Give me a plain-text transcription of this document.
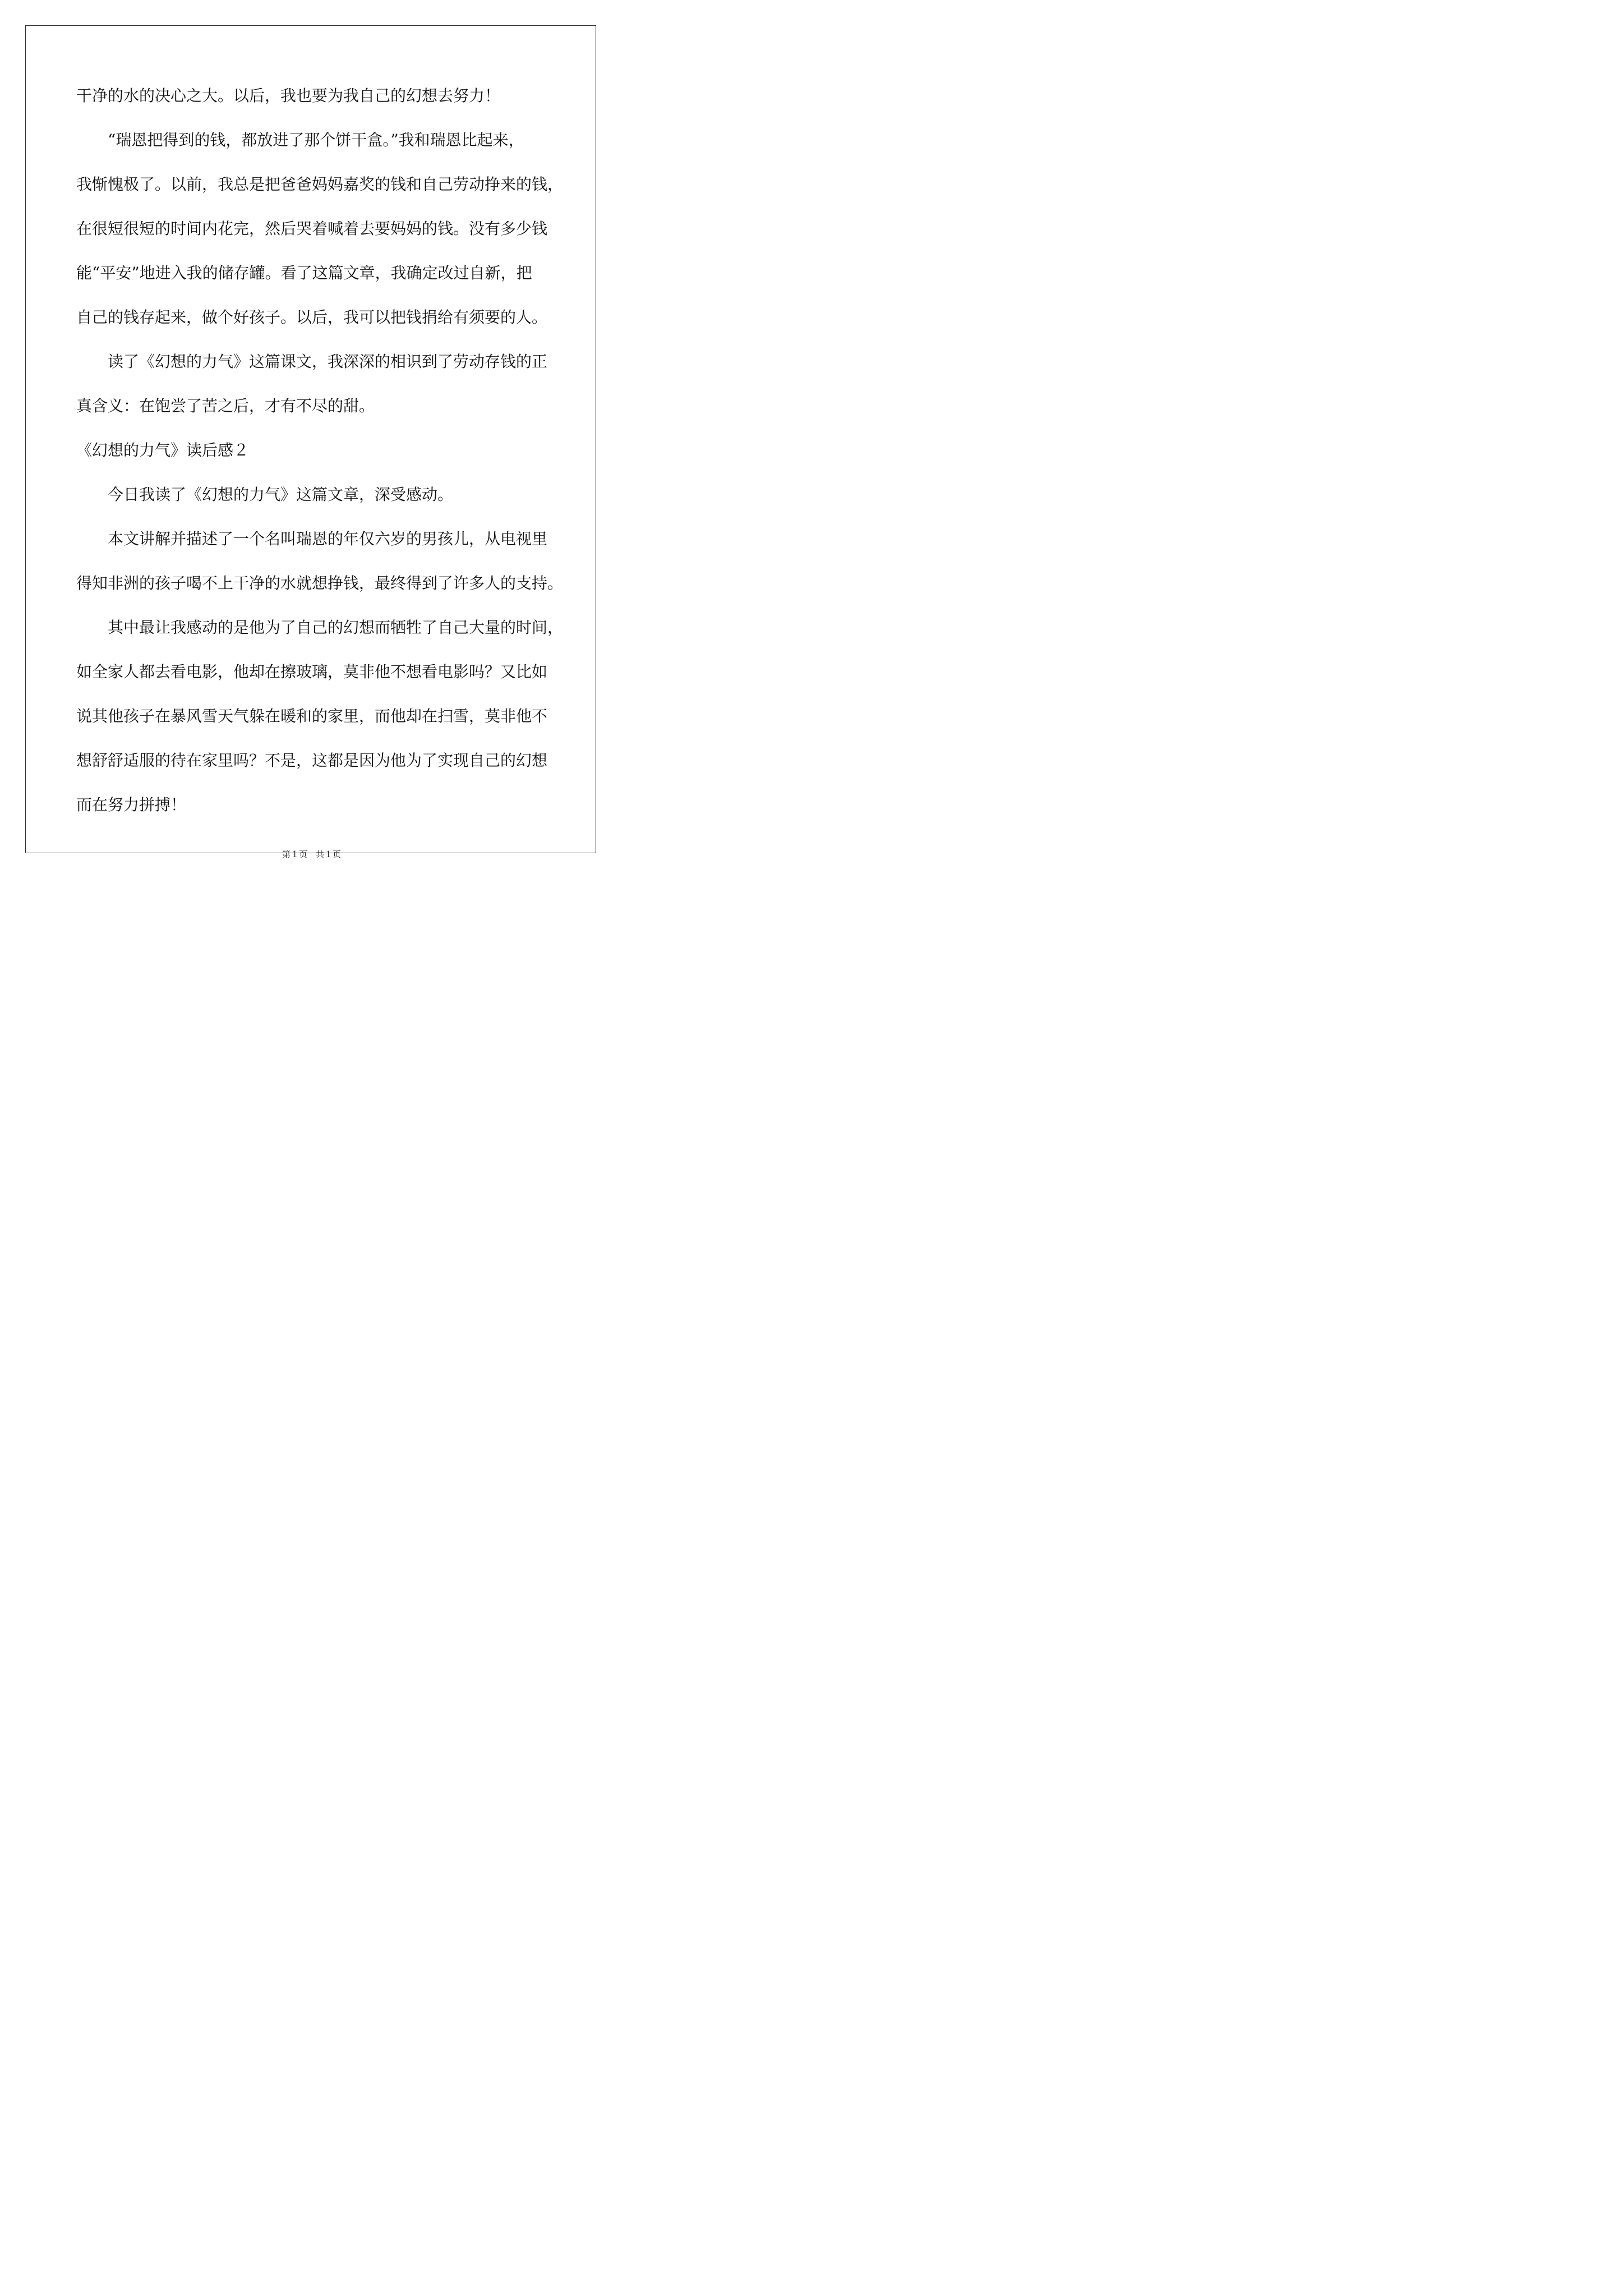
干净的水的决心之大。以后，我也要为我自己的幻想去努力！

“瑞恩把得到的钱，都放进了那个饼干盒。”我和瑞恩比起来，

我惭愧极了。以前，我总是把爸爸妈妈嘉奖的钱和自己劳动挣来的钱，

在很短很短的时间内花完，然后哭着喊着去要妈妈的钱。没有多少钱

能“平安”地进入我的储存罐。看了这篇文章，我确定改过自新，把

自己的钱存起来，做个好孩子。以后，我可以把钱捐给有须要的人。

读了《幻想的力气》这篇课文，我深深的相识到了劳动存钱的正

真含义：在饱尝了苦之后，才有不尽的甜。

《幻想的力气》读后感２

今日我读了《幻想的力气》这篇文章，深受感动。

本文讲解并描述了一个名叫瑞恩的年仅六岁的男孩儿，从电视里

得知非洲的孩子喝不上干净的水就想挣钱，最终得到了许多人的支持。

其中最让我感动的是他为了自己的幻想而牺牲了自己大量的时间，

如全家人都去看电影，他却在擦玻璃，莫非他不想看电影吗？又比如

说其他孩子在暴风雪天气躲在暖和的家里，而他却在扫雪，莫非他不

想舒舒适服的待在家里吗？不是，这都是因为他为了实现自己的幻想

而在努力拼搏！

第１页　共１页
